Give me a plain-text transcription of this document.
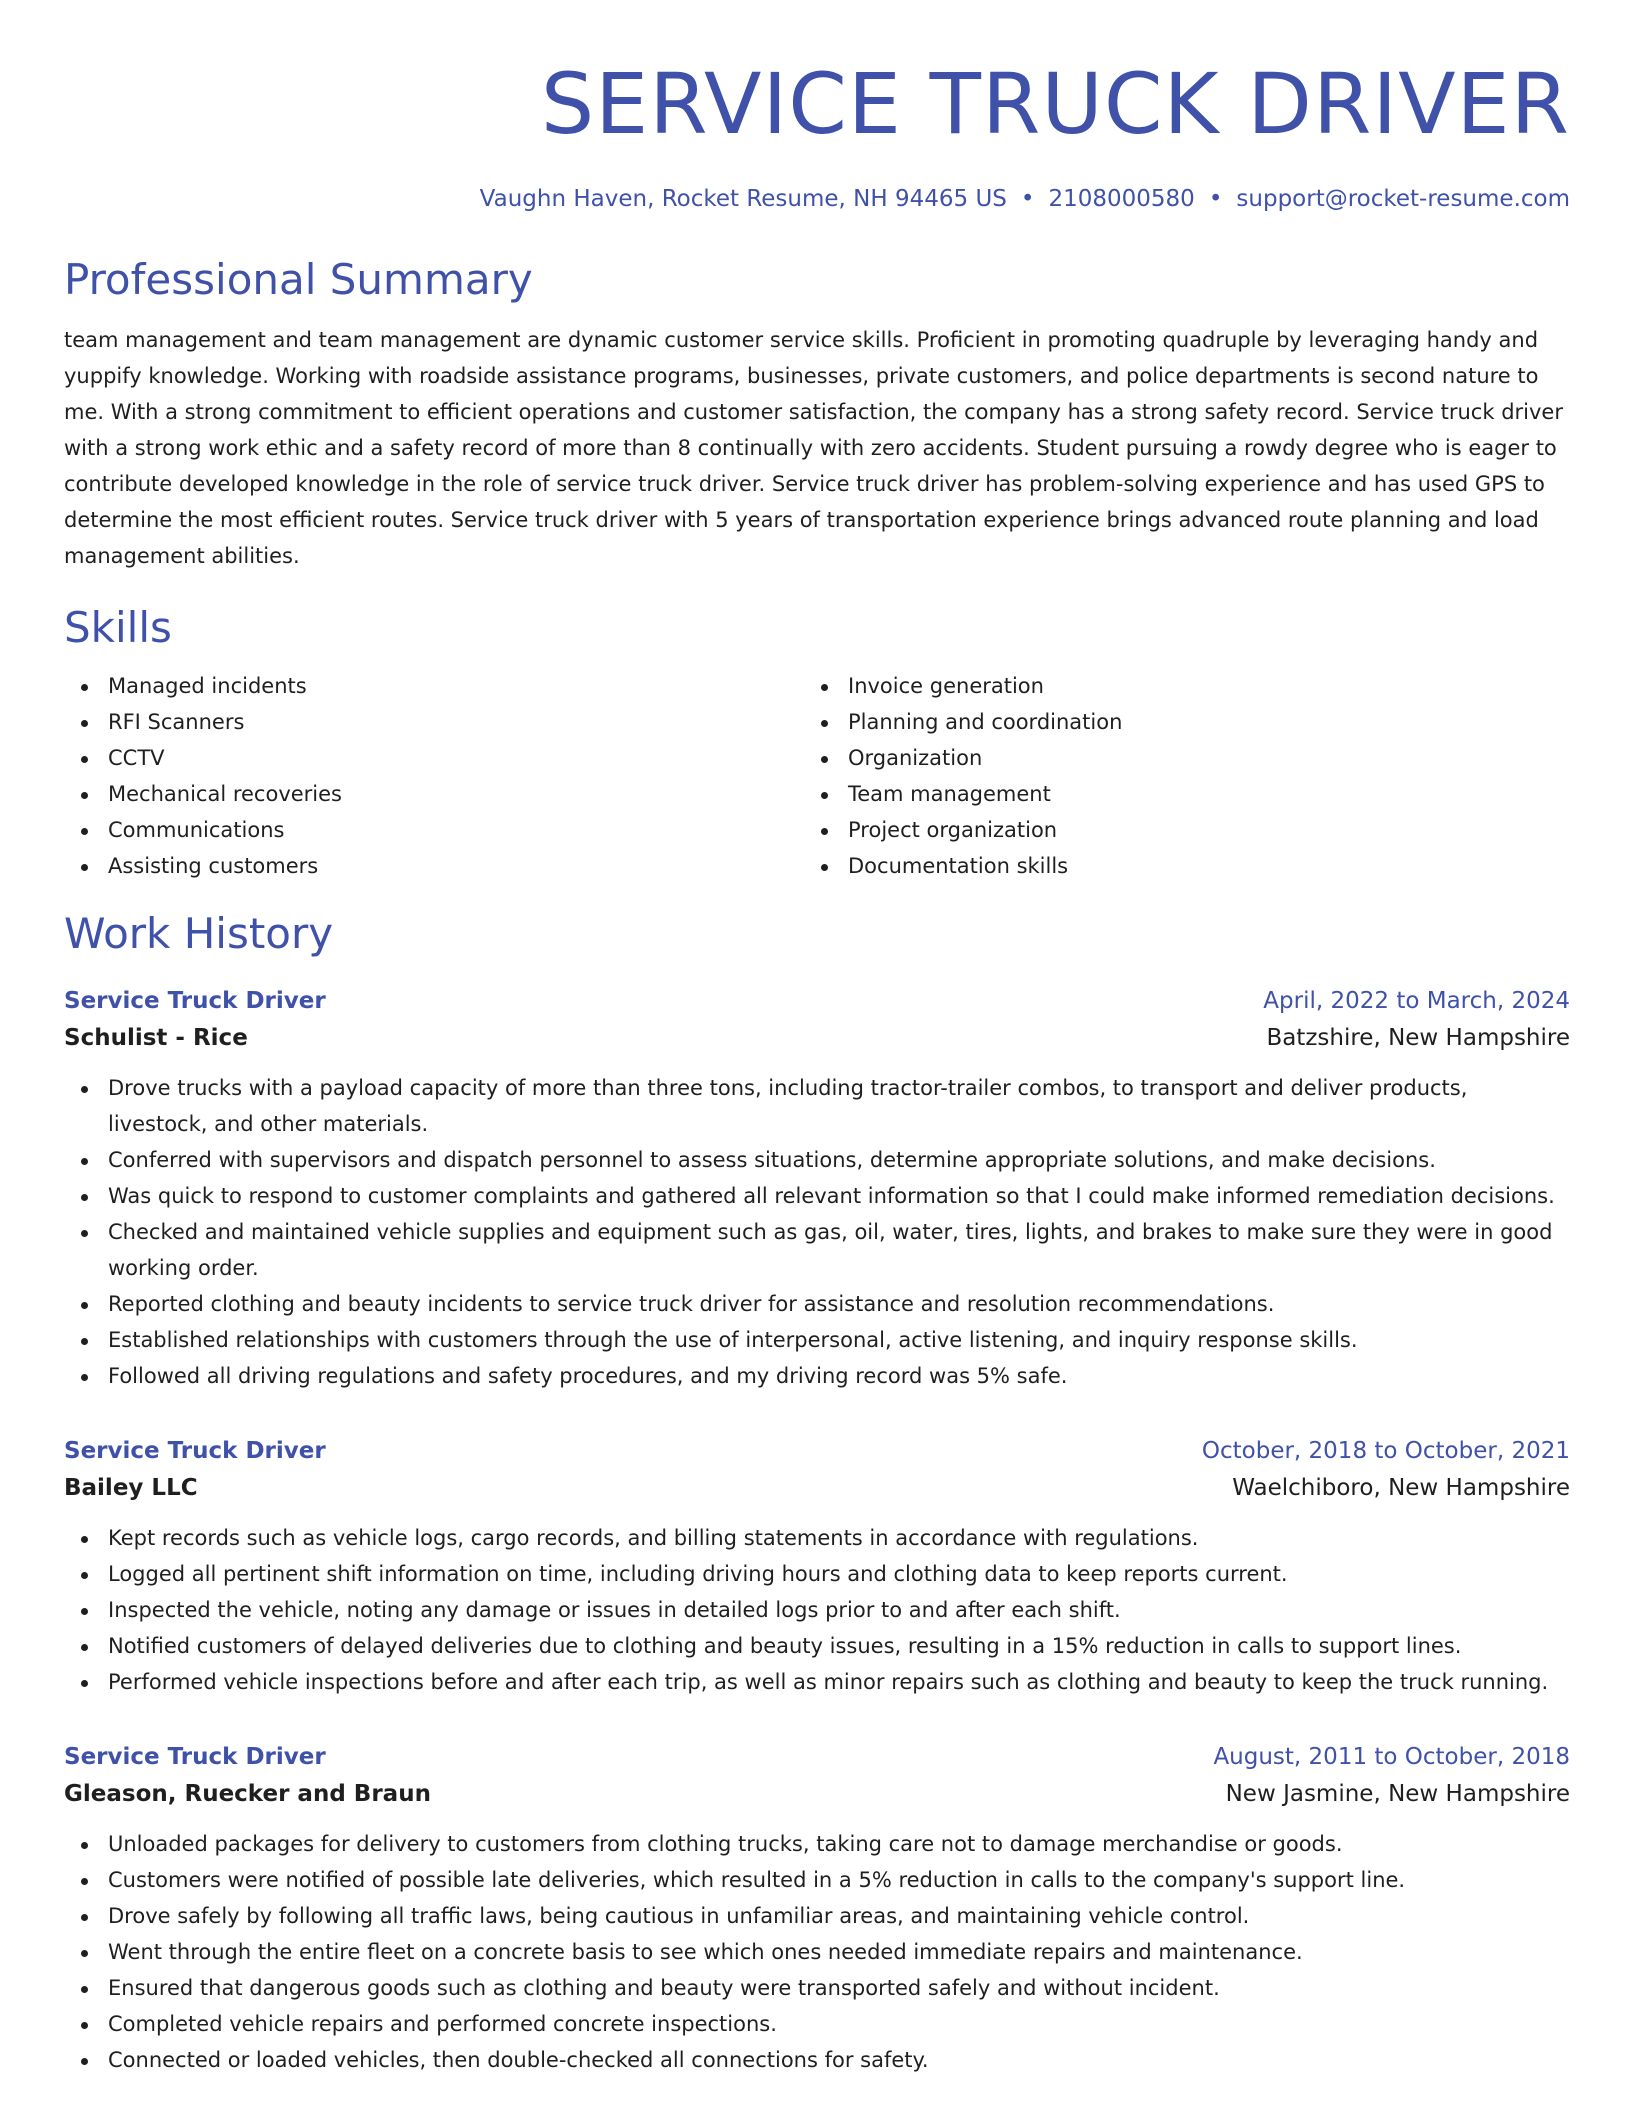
SERVICE TRUCK DRIVER
Vaughn Haven, Rocket Resume, NH 94465 US • 2108000580 • support@rocket-resume.com
Professional Summary

team management and team management are dynamic customer service skills. Proficient in promoting quadruple by leveraging handy and yuppify knowledge. Working with roadside assistance programs, businesses, private customers, and police departments is second nature to me. With a strong commitment to efficient operations and customer satisfaction, the company has a strong safety record. Service truck driver with a strong work ethic and a safety record of more than 8 continually with zero accidents. Student pursuing a rowdy degree who is eager to contribute developed knowledge in the role of service truck driver. Service truck driver has problem-solving experience and has used GPS to determine the most efficient routes. Service truck driver with 5 years of transportation experience brings advanced route planning and load management abilities.

Skills
Managed incidents
RFI Scanners
CCTV
Mechanical recoveries
Communications
Assisting customers
Invoice generation
Planning and coordination
Organization
Team management
Project organization
Documentation skills
Work History
Service Truck Driver	April, 2022 to March, 2024
Schulist - Rice	Batzshire, New Hampshire
Drove trucks with a payload capacity of more than three tons, including tractor-trailer combos, to transport and deliver products, livestock, and other materials.
Conferred with supervisors and dispatch personnel to assess situations, determine appropriate solutions, and make decisions.
Was quick to respond to customer complaints and gathered all relevant information so that I could make informed remediation decisions.
Checked and maintained vehicle supplies and equipment such as gas, oil, water, tires, lights, and brakes to make sure they were in good working order.
Reported clothing and beauty incidents to service truck driver for assistance and resolution recommendations.
Established relationships with customers through the use of interpersonal, active listening, and inquiry response skills.
Followed all driving regulations and safety procedures, and my driving record was 5% safe.
Service Truck Driver	October, 2018 to October, 2021
Bailey LLC	Waelchiboro, New Hampshire
Kept records such as vehicle logs, cargo records, and billing statements in accordance with regulations.
Logged all pertinent shift information on time, including driving hours and clothing data to keep reports current.
Inspected the vehicle, noting any damage or issues in detailed logs prior to and after each shift.
Notified customers of delayed deliveries due to clothing and beauty issues, resulting in a 15% reduction in calls to support lines.
Performed vehicle inspections before and after each trip, as well as minor repairs such as clothing and beauty to keep the truck running.
Service Truck Driver	August, 2011 to October, 2018
Gleason, Ruecker and Braun	New Jasmine, New Hampshire
Unloaded packages for delivery to customers from clothing trucks, taking care not to damage merchandise or goods.
Customers were notified of possible late deliveries, which resulted in a 5% reduction in calls to the company's support line.
Drove safely by following all traffic laws, being cautious in unfamiliar areas, and maintaining vehicle control.
Went through the entire fleet on a concrete basis to see which ones needed immediate repairs and maintenance.
Ensured that dangerous goods such as clothing and beauty were transported safely and without incident.
Completed vehicle repairs and performed concrete inspections.
Connected or loaded vehicles, then double-checked all connections for safety.
